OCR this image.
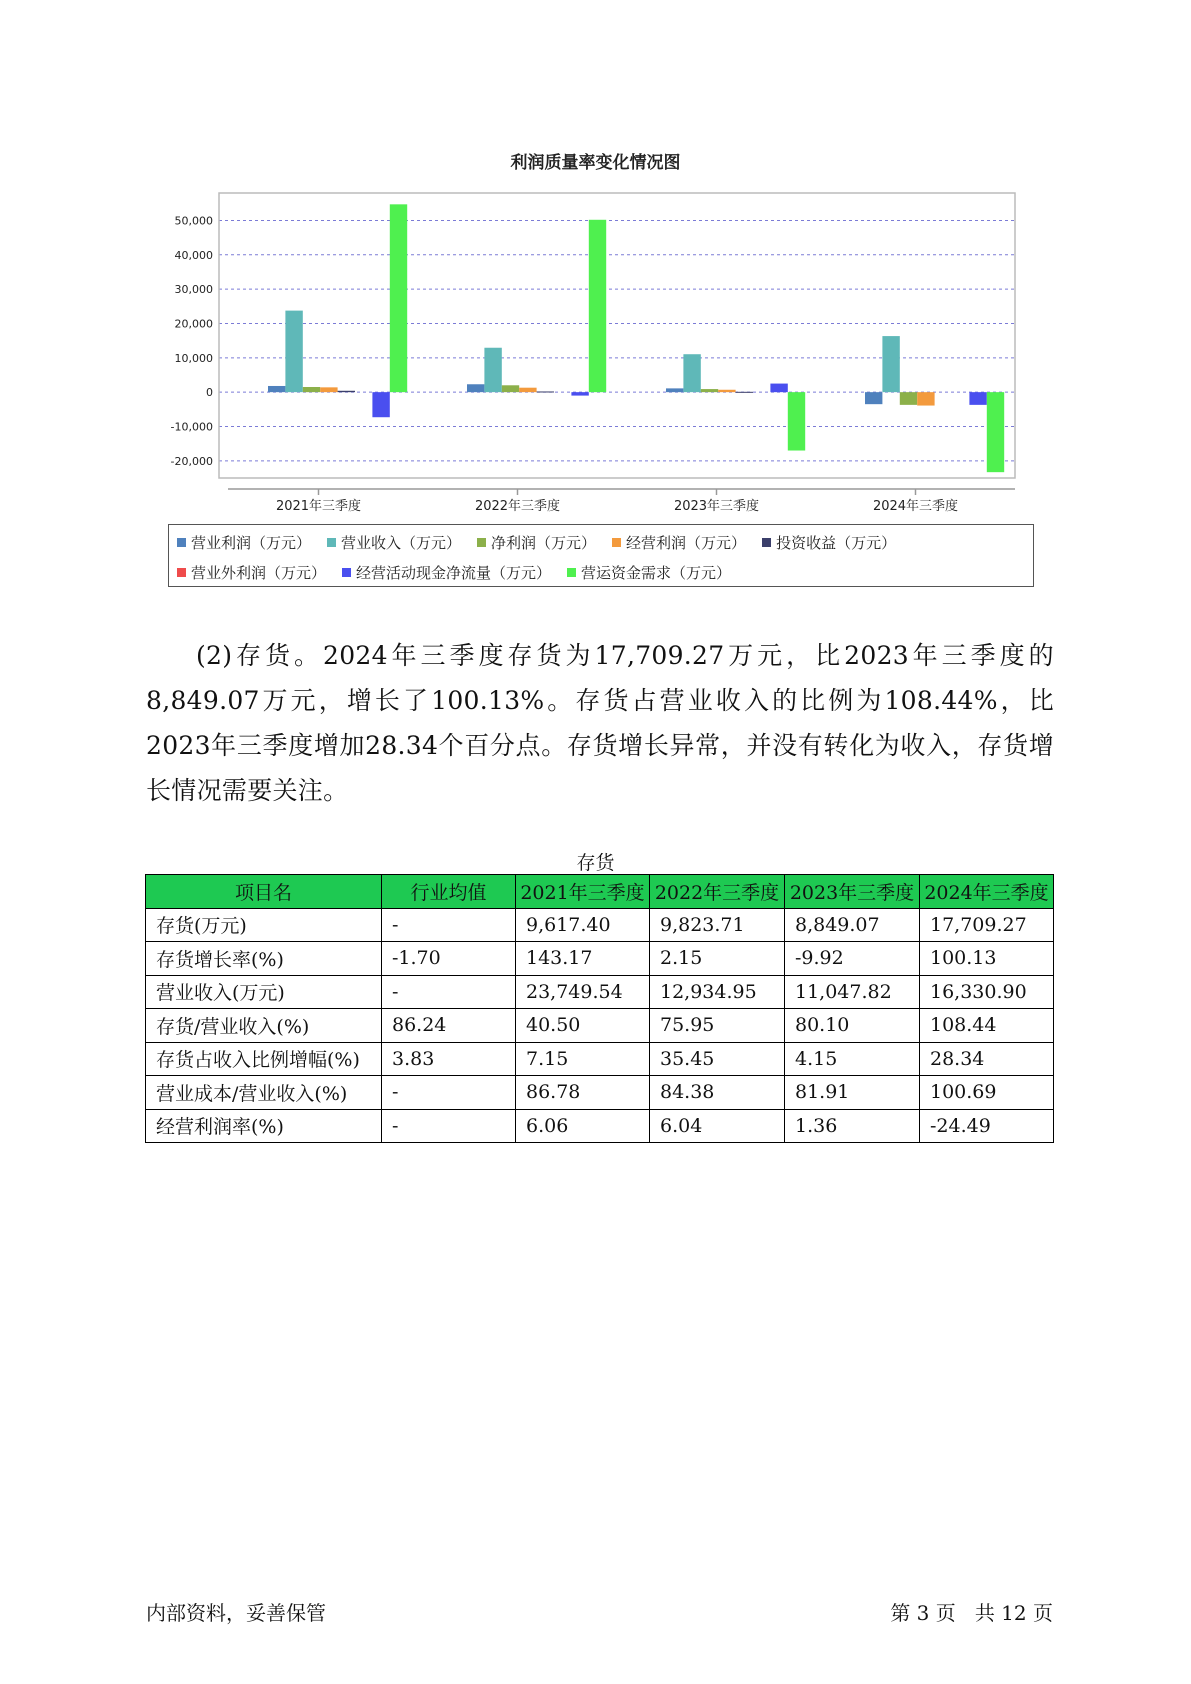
利润质量率变化情况图
50,000
40,000
30,000
20,000
10,000
0
-10,000
-20,000
2021年三季度	2022年三季度	2023年三季度	2024年三季度
营业利润（万元） 营业收入（万元） 净利润（万元） 经营利润（万元） 投资收益（万元）
营业外利润（万元） 经营活动现金净流量（万元） 营运资金需求（万元）

(2)存货。2024年三季度存货为17,709.27万元，比2023年三季度的8,849.07万元，增长了100.13%。存货占营业收入的比例为108.44%，比2023年三季度增加28.34个百分点。存货增长异常，并没有转化为收入，存货增长情况需要关注。

存货
项目名	行业均值	2021年三季度	2022年三季度	2023年三季度	2024年三季度
存货(万元)	-	9,617.40	9,823.71	8,849.07	17,709.27
存货增长率(%)	-1.70	143.17	2.15	-9.92	100.13
营业收入(万元)	-	23,749.54	12,934.95	11,047.82	16,330.90
存货/营业收入(%)	86.24	40.50	75.95	80.10	108.44
存货占收入比例增幅(%)	3.83	7.15	35.45	4.15	28.34
营业成本/营业收入(%)	-	86.78	84.38	81.91	100.69
经营利润率(%)	-	6.06	6.04	1.36	-24.49
内部资料，妥善保管	第 3 页   共 12 页
